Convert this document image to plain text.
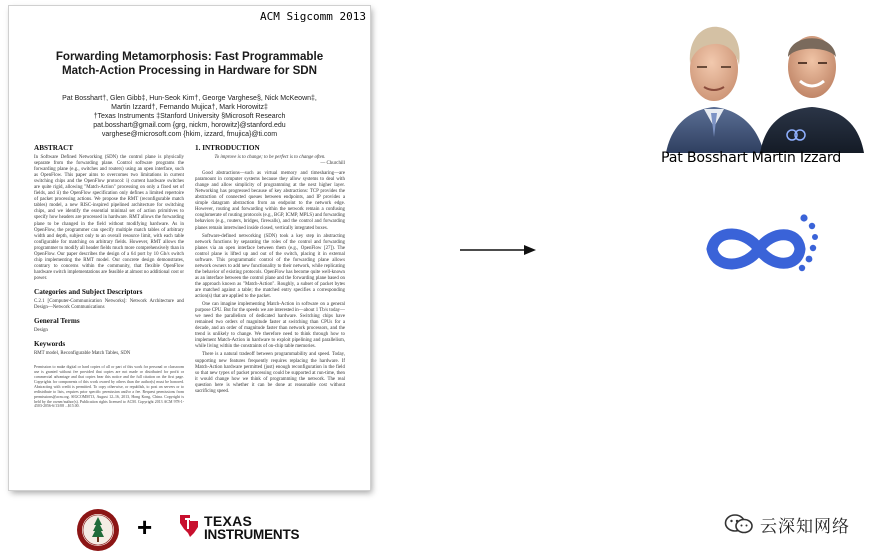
ACM Sigcomm 2013
Forwarding Metamorphosis: Fast Programmable
Match-Action Processing in Hardware for SDN
Pat Bosshart†, Glen Gibb‡, Hun-Seok Kim†, George Varghese§, Nick McKeown‡,
Martin Izzard†, Fernando Mujica†, Mark Horowitz‡
†Texas Instruments ‡Stanford University §Microsoft Research
pat.bosshart@gmail.com {grg, nickm, horowitz}@stanford.edu
varghese@microsoft.com {hkim, izzard, fmujica}@ti.com
ABSTRACT
In Software Defined Networking (SDN) the control plane is physically separate from the forwarding plane. Control software programs the forwarding plane (e.g., switches and routers) using an open interface, such as OpenFlow. This paper aims to overcomes two limitations in current switching chips and the OpenFlow protocol: i) current hardware switches are quite rigid, allowing "Match-Action" processing on only a fixed set of fields, and ii) the OpenFlow specification only defines a limited repertoire of packet processing actions. We propose the RMT (reconfigurable match tables) model, a new RISC-inspired pipelined architecture for switching chips, and we identify the essential minimal set of action primitives to specify how headers are processed in hardware. RMT allows the forwarding plane to be changed in the field without modifying hardware. As in OpenFlow, the programmer can specify multiple match tables of arbitrary width and depth, subject only to an overall resource limit, with each table configurable for matching on arbitrary fields. However, RMT allows the programmer to modify all header fields much more comprehensively than in OpenFlow. Our paper describes the design of a 64 port by 10 Gb/s switch chip implementing the RMT model. Our concrete design demonstrates, contrary to concerns within the community, that flexible OpenFlow hardware switch implementations are feasible at almost no additional cost or power.
Categories and Subject Descriptors
C.2.1 [Computer-Communication Networks]: Network Architecture and Design—Network Communications
General Terms
Design
Keywords
RMT model, Reconfigurable Match Tables, SDN
Permission to make digital or hard copies of all or part of this work for personal or classroom use is granted without fee provided that copies are not made or distributed for profit or commercial advantage and that copies bear this notice and the full citation on the first page. Copyrights for components of this work owned by others than the author(s) must be honored. Abstracting with credit is permitted. To copy otherwise, or republish, to post on servers or to redistribute to lists, requires prior specific permission and/or a fee. Request permissions from permissions@acm.org. SIGCOMM'13, August 12–16, 2013, Hong Kong, China. Copyright is held by the owner/author(s). Publication rights licensed to ACM. Copyright 2013 ACM 978-1-4503-2056-6/13/08 ...$15.00.
1. INTRODUCTION
To improve is to change; to be perfect is to change often.
— Churchill
Good abstractions—such as virtual memory and timesharing—are paramount in computer systems because they allow systems to deal with change and allow simplicity of programming at the next higher layer. Networking has progressed because of key abstractions: TCP provides the abstraction of connected queues between endpoints, and IP provides a simple datagram abstraction from an endpoint to the network edge. However, routing and forwarding within the network remain a confusing conglomerate of routing protocols (e.g., BGP, ICMP, MPLS) and forwarding behaviors (e.g., routers, bridges, firewalls), and the control and forwarding planes remain intertwined inside closed, vertically integrated boxes.
Software-defined networking (SDN) took a key step in abstracting network functions by separating the roles of the control and forwarding planes via an open interface between them (e.g., OpenFlow [27]). The control plane is lifted up and out of the switch, placing it in external software. This programmatic control of the forwarding plane allows network owners to add new functionality to their network, while replicating the behavior of existing protocols. OpenFlow has become quite well-known as an interface between the control plane and the forwarding plane based on the approach known as "Match-Action". Roughly, a subset of packet bytes are matched against a table; the matched entry specifies a corresponding action(s) that are applied to the packet.
One can imagine implementing Match-Action in software on a general purpose CPU. But for the speeds we are interested in—about 1 Tb/s today—we need the parallelism of dedicated hardware. Switching chips have remained two orders of magnitude faster at switching than CPUs for a decade, and an order of magnitude faster than network processors, and the trend is unlikely to change. We therefore need to think through how to implement Match-Action in hardware to exploit pipelining and parallelism, while living within the constraints of on-chip table memories.
There is a natural tradeoff between programmability and speed. Today, supporting new features frequently requires replacing the hardware. If Match-Action hardware permitted (just) enough reconfiguration in the field so that new types of packet processing could be supported at run-time, then it would change how we think of programming the network. The real question here is whether it can be done at reasonable cost without sacrificing speed.
Pat Bosshart Martin Izzard
+	TEXAS
INSTRUMENTS	云深知网络
